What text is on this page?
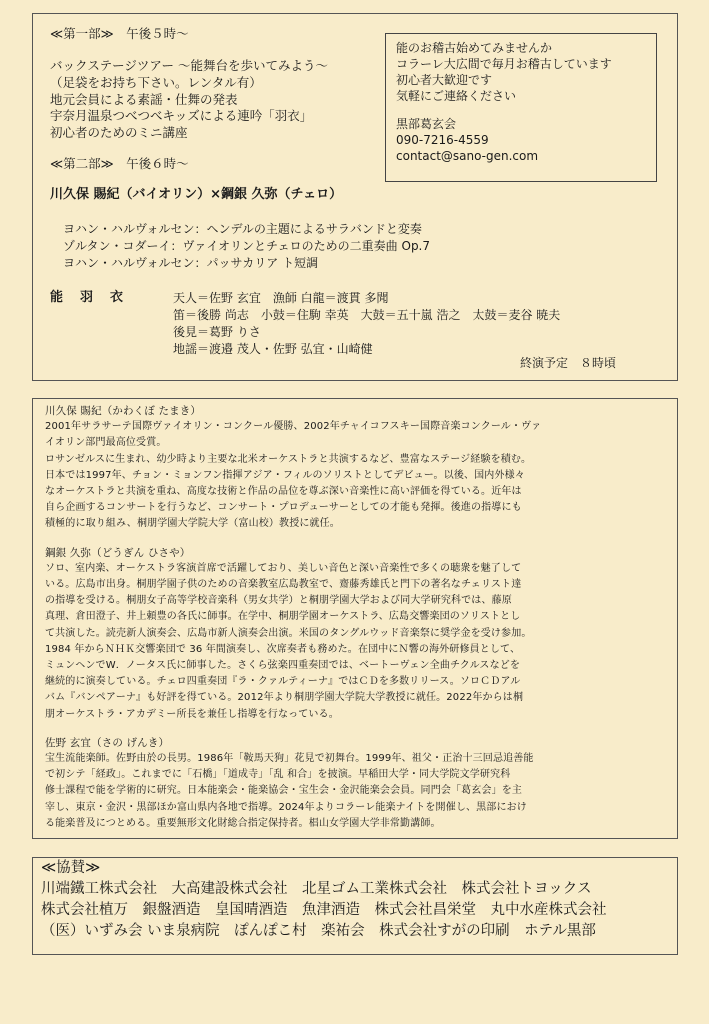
≪第一部≫　午後５時〜
バックステージツアー 〜能舞台を歩いてみよう〜
（足袋をお持ち下さい。レンタル有）
地元会員による素謡・仕舞の発表
宇奈月温泉つべつべキッズによる連吟「羽衣」
初心者のためのミニ講座
≪第二部≫　午後６時〜
川久保 賜紀（バイオリン）×鋼銀 久弥（チェロ）
ヨハン・ハルヴォルセン：ヘンデルの主題によるサラバンドと変奏
ゾルタン・コダーイ：ヴァイオリンとチェロのための二重奏曲 Op.7
ヨハン・ハルヴォルセン：パッサカリア ト短調
能　羽　衣	天人＝佐野 玄宜　漁師 白龍＝渡貫 多聞
笛＝後勝 尚志　小鼓＝住駒 幸英　大鼓＝五十嵐 浩之　太鼓＝麦谷 暁夫
後見＝葛野 りさ
地謡＝渡邉 茂人・佐野 弘宜・山崎健
終演予定　８時頃
能のお稽古始めてみませんか
コラーレ大広間で毎月お稽古しています
初心者大歓迎です
気軽にご連絡ください
黒部葛玄会
090-7216-4559
contact@sano-gen.com

川久保 賜紀（かわくぼ たまき）

2001年サラサーテ国際ヴァイオリン・コンクール優勝、2002年チャイコフスキー国際音楽コンクール・ヴァ

イオリン部門最高位受賞。

ロサンゼルスに生まれ、幼少時より主要な北米オーケストラと共演するなど、豊富なステージ経験を積む。

日本では1997年、チョン・ミョンフン指揮アジア・フィルのソリストとしてデビュー。以後、国内外様々

なオーケストラと共演を重ね、高度な技術と作品の品位を尊ぶ深い音楽性に高い評価を得ている。近年は

自ら企画するコンサートを行うなど、コンサート・プロデューサーとしての才能も発揮。後進の指導にも

積極的に取り組み、桐朋学園大学院大学（富山校）教授に就任。

鋼銀 久弥（どうぎん ひさや）

ソロ、室内楽、オーケストラ客演首席で活躍しており、美しい音色と深い音楽性で多くの聴衆を魅了して

いる。広島市出身。桐朋学園子供のための音楽教室広島教室で、齋藤秀雄氏と門下の著名なチェリスト達

の指導を受ける。桐朋女子高等学校音楽科（男女共学）と桐朋学園大学および同大学研究科では、藤原

真理、倉田澄子、井上頼豊の各氏に師事。在学中、桐朋学園オーケストラ、広島交響楽団のソリストとし

て共演した。読売新人演奏会、広島市新人演奏会出演。米国のタングルウッド音楽祭に奨学金を受け参加。

1984 年からＮＨＫ交響楽団で 36 年間演奏し、次席奏者も務めた。在団中にＮ響の海外研修員として、

ミュンヘンでW．ノータス氏に師事した。さくら弦楽四重奏団では、ベートーヴェン全曲チクルスなどを

継続的に演奏している。チェロ四重奏団『ラ・クァルティーナ』ではＣＤを多数リリース。ソロＣＤアル

バム『バンペアーナ』も好評を得ている。2012年より桐朋学園大学院大学教授に就任。2022年からは桐

朋オーケストラ・アカデミー所長を兼任し指導を行なっている。

佐野 玄宜（さの げんき）

宝生流能楽師。佐野由於の長男。1986年「鞍馬天狗」花見で初舞台。1999年、祖父・正治十三回忌追善能

で初シテ「経政」。これまでに「石橋」「道成寺」「乱 和合」を披演。早稲田大学・同大学院文学研究科

修士課程で能を学術的に研究。日本能楽会・能楽協会・宝生会・金沢能楽会会員。同門会「葛玄会」を主

宰し、東京・金沢・黒部ほか富山県内各地で指導。2024年よりコラーレ能楽ナイトを開催し、黒部におけ

る能楽普及につとめる。重要無形文化財総合指定保持者。椙山女学園大学非常勤講師。

≪協賛≫
川端鐵工株式会社　大高建設株式会社　北星ゴム工業株式会社　株式会社トヨックス
株式会社植万　銀盤酒造　皇国晴酒造　魚津酒造　株式会社昌栄堂　丸中水産株式会社
（医）いずみ会 いま泉病院　ぽんぽこ村　楽祐会　株式会社すがの印刷　ホテル黒部
